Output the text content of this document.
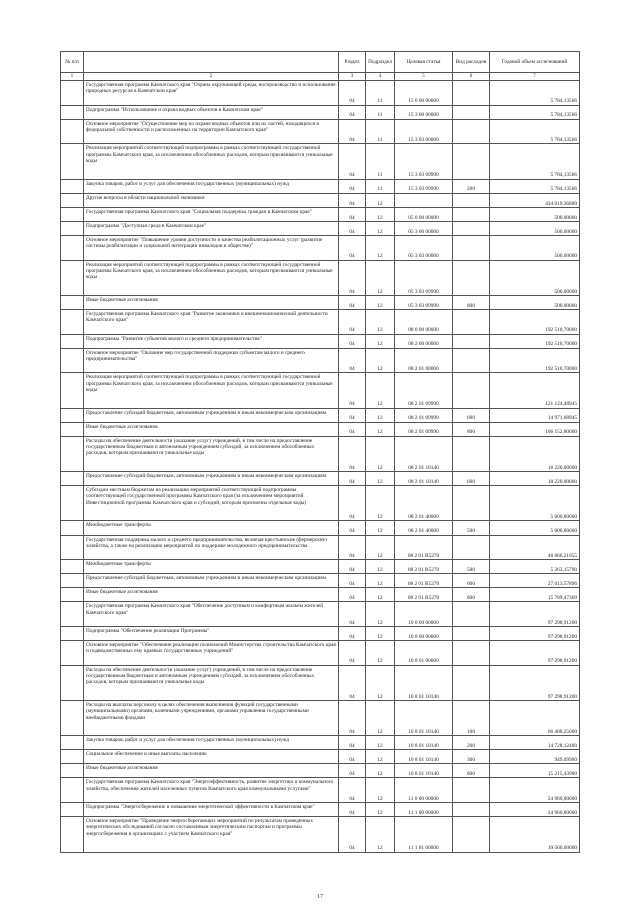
№ п/п		Раздел	Подраздел	Целевая статья	Вид расходов	Годовой объем ассигнований
1	2	3	4	5	6	7
	Государственная программа Камчатского края "Охрана окружающей среды, воспроизводство и использование природных ресурсов в Камчатском крае"	04	11	15 0 00 00000		5 784,13566
	Подпрограмма "Использование и охрана водных объектов в Камчатском крае"	04	11	15 3 00 00000		5 784,13566
	Основное мероприятие "Осуществление мер по охране водных объектов или их частей, находящихся в федеральной собственности и расположенных на территории Камчатского края"	04	11	15 3 03 00000		5 784,13566
	Реализация мероприятий соответствующей подпрограммы в рамках соответствующей государственной программы Камчатского края, за исключением обособленных расходов, которым присваиваются уникальные коды	04	11	15 3 03 09990		5 784,13566
	Закупка товаров, работ и услуг для обеспечения государственных (муниципальных) нужд	04	11	15 3 03 09990	200	5 784,13566
	Другие вопросы в области национальной экономики	04	12			434 019,36800
	Государственная программа Камчатского края "Социальная поддержка граждан в Камчатском крае"	04	12	05 0 00 00000		500,00000
	Подпрограмма "Доступная среда в Камчатском крае"	04	12	05 3 00 00000		500,00000
	Основное мероприятие "Повышение уровня доступности и качества реабилитационных услуг (развитие системы реабилитации и социальной интеграции инвалидов в обществе)"	04	12	05 3 03 00000		500,00000
	Реализация мероприятий соответствующей подпрограммы в рамках соответствующей государственной программы Камчатского края, за исключением обособленных расходов, которым присваиваются уникальные коды	04	12	05 3 03 09990		500,00000
	Иные бюджетные ассигнования	04	12	05 3 03 09990	800	500,00000
	Государственная программа Камчатского края "Развитие экономики и внешнеэкономической деятельности Камчатского края"	04	12	08 0 00 00000		192 510,70000
	Подпрограмма "Развитие субъектов малого и среднего предпринимательства"	04	12	08 2 00 00000		192 510,70000
	Основное мероприятие "Оказание мер государственной поддержки субъектам малого и среднего предпринимательства"	04	12	08 2 01 00000		192 510,70000
	Реализация мероприятий соответствующей подпрограммы в рамках соответствующей государственной программы Камчатского края, за исключением обособленных расходов, которым присваиваются уникальные коды	04	12	08 2 01 09990		121 124,48945
	Предоставление субсидий бюджетным, автономным учреждениям и иным некоммерческим организациям	04	12	08 2 01 09990	600	14 971,68945
	Иные бюджетные ассигнования	04	12	08 2 01 09990	800	106 152,80000
	Расходы на обеспечение деятельности (оказание услуг) учреждений, в том числе на предоставление государственным бюджетным и автономным учреждениям субсидий, за исключением обособленных расходов, которым присваиваются уникальные коды	04	12	08 2 01 10140		18 220,00000
	Предоставление субсидий бюджетным, автономным учреждениям и иным некоммерческим организациям	04	12	08 2 01 10140	600	18 220,00000
	Субсидии местным бюджетам на реализацию мероприятий соответствующей подпрограммы соответствующей государственной программы Камчатского края (за исключением мероприятий Инвестиционной программы Камчатского края и субсидий, которым присвоены отдельные коды)	04	12	08 2 01 40000		5 000,00000
	Межбюджетные трансферты	04	12	08 2 01 40000	500	5 000,00000
	Государственная поддержка малого и среднего предпринимательства, включая крестьянские (фермерские) хозяйства, а также на реализацию мероприятий по поддержке молодежного предпринимательства	04	12	08 2 01 R5270		48 066,21055
	Межбюджетные трансферты	04	12	08 2 01 R5270	500	5 263,15790
	Предоставление субсидий бюджетным, автономным учреждениям и иным некоммерческим организациям	04	12	08 2 01 R5270	600	27 013,57896
	Иные бюджетные ассигнования	04	12	08 2 01 R5270	800	15 789,47369
	Государственная программа Камчатского края "Обеспечение доступным и комфортным жильем жителей Камчатского края"	04	12	10 0 00 00000		97 298,91200
	Подпрограмма "Обеспечение реализации Программы"	04	12	10 8 00 00000		97 298,91200
	Основное мероприятие "Обеспечение реализации полномочий Министерства строительства Камчатского края и подведомственных ему краевых государственных учреждений"	04	12	10 8 01 00000		97 298,91200
	Расходы на обеспечение деятельности (оказание услуг) учреждений, в том числе на предоставление государственным бюджетным и автономным учреждениям субсидий, за исключением обособленных расходов, которым присваиваются уникальные коды	04	12	10 8 01 10140		97 298,91200
	Расходы на выплаты персоналу в целях обеспечения выполнения функций государственными (муниципальными) органами, казенными учреждениями, органами управления государственными внебюджетными фондами	04	12	10 8 01 10140	100	66 400,25000
	Закупка товаров, работ и услуг для обеспечения государственных (муниципальных) нужд	04	12	10 8 01 10140	200	14 728,12400
	Социальное обеспечение и иные выплаты населению	04	12	10 8 01 10140	300	949,09900
	Иные бюджетные ассигнования	04	12	10 8 01 10140	800	15 215,43900
	Государственная программа Камчатского края "Энергоэффективность, развитие энергетики и коммунального хозяйства, обеспечение жителей населенных пунктов Камчатского края коммунальными услугами"	04	12	11 0 00 00000		24 960,00000
	Подпрограмма "Энергосбережение и повышение энергетической эффективности в Камчатском крае"	04	12	11 1 00 00000		24 960,00000
	Основное мероприятие "Проведение энергосберегающих мероприятий по результатам проведенных энергетических обследований согласно составленным энергетическим паспортам и программы энергосбережения в организациях с участием Камчатского края"	04	12	11 1 01 00000		10 560,00000
17
